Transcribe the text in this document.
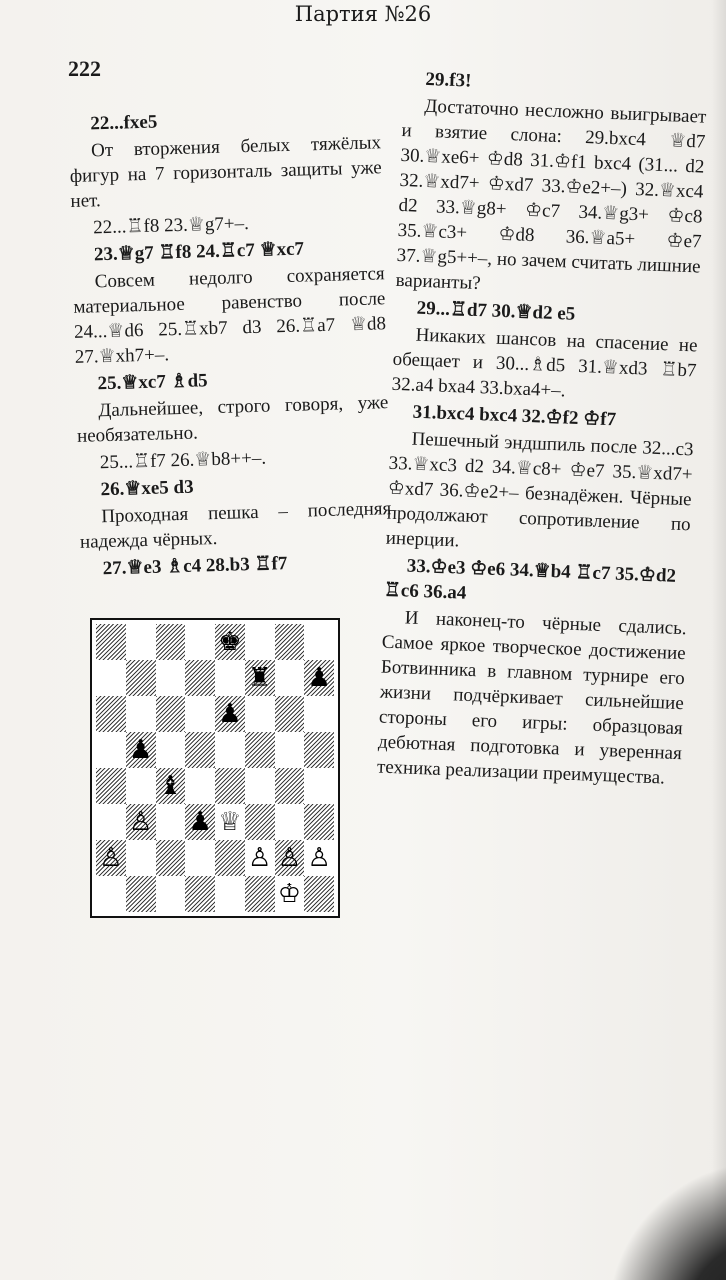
Партия №26
222

22...fxe5

От вторжения белых тяжёлых фигур на 7 горизонталь защиты уже нет.

22...♖f8 23.♕g7+–.

23.♕g7 ♖f8 24.♖c7 ♕xc7

Совсем недолго сохраняется материальное равенство после 24...♕d6 25.♖xb7 d3 26.♖a7 ♕d8 27.♕xh7+–.

25.♕xc7 ♗d5

Дальнейшее, строго говоря, уже необязательно.

25...♖f7 26.♕b8++–.

26.♕xe5 d3

Проходная пешка – последняя надежда чёрных.

27.♕e3 ♗c4 28.b3 ♖f7

29.f3!

Достаточно несложно выигрывает и взятие слона: 29.bxc4 ♕d7 30.♕xe6+ ♔d8 31.♔f1 bxc4 (31... d2 32.♕xd7+ ♔xd7 33.♔e2+–) 32.♕xc4 d2 33.♕g8+ ♔c7 34.♕g3+ ♔c8 35.♕c3+ ♔d8 36.♕a5+ ♔e7 37.♕g5++–, но зачем считать лишние варианты?

29...♖d7 30.♕d2 e5

Никаких шансов на спасение не обещает и 30...♗d5 31.♕xd3 ♖b7 32.a4 bxa4 33.bxa4+–.

31.bxc4 bxc4 32.♔f2 ♔f7

Пешечный эндшпиль после 32...c3 33.♕xc3 d2 34.♕c8+ ♔e7 35.♕xd7+ ♔xd7 36.♔e2+– безнадёжен. Чёрные продолжают сопротивление по инерции.

33.♔e3 ♔e6 34.♕b4 ♖c7 35.♔d2 ♖c6 36.a4

И наконец-то чёрные сдались. Самое яркое творческое достижение Ботвинника в главном турнире его жизни подчёркивает сильнейшие стороны его игры: образцовая дебютная подготовка и уверенная техника реализации преимущества.

♚
♜ ♟
♟
♟
♝
♙ ♟ ♕
♙	♙ ♙ ♙
♔
